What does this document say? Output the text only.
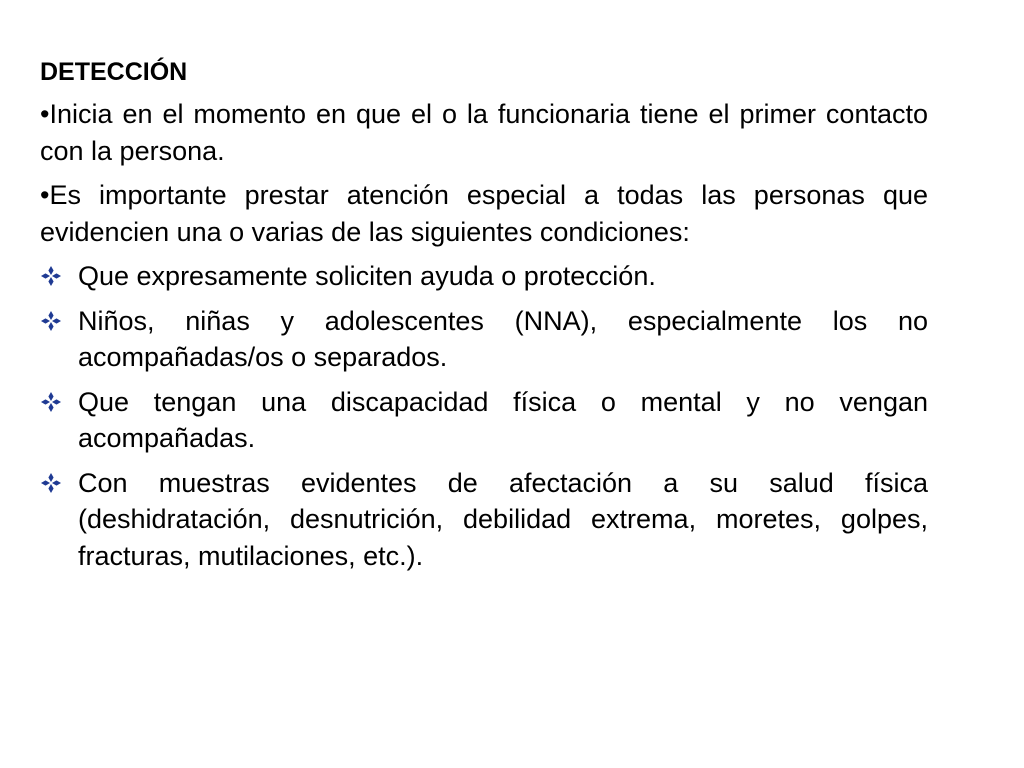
DETECCIÓN

•Inicia en el momento en que el o la funcionaria tiene el primer contacto con la persona.

•Es importante prestar atención especial a todas las personas que evidencien una o varias de las siguientes condiciones:

Que expresamente soliciten ayuda o protección.

Niños, niñas y adolescentes (NNA), especialmente los no acompañadas/os o separados.

Que tengan una discapacidad física o mental y no vengan acompañadas.

Con muestras evidentes de afectación a su salud física (deshidratación, desnutrición, debilidad extrema, moretes, golpes, fracturas, mutilaciones, etc.).
